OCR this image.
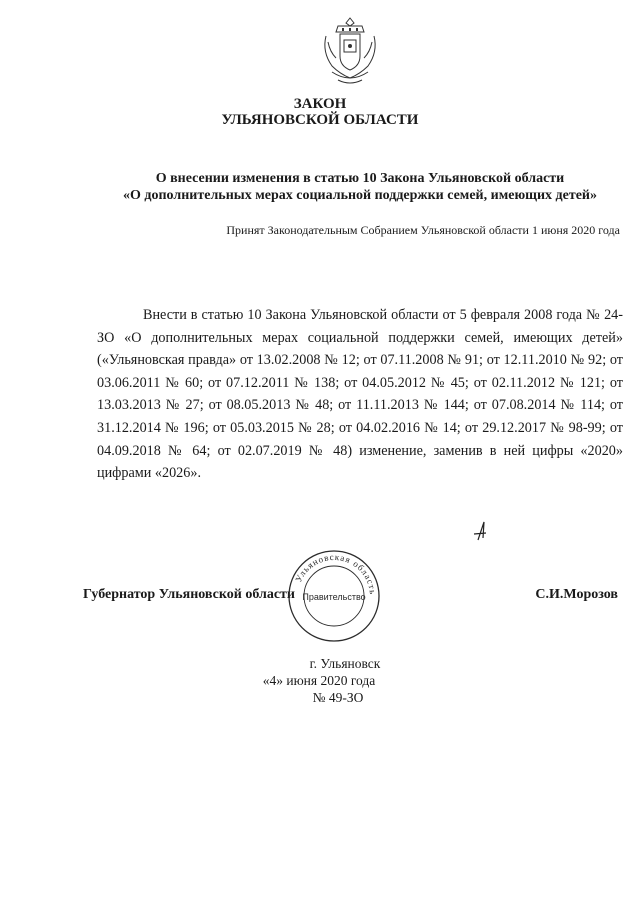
ЗАКОН
УЛЬЯНОВСКОЙ ОБЛАСТИ
О внесении изменения в статью 10 Закона Ульяновской области
«О дополнительных мерах социальной поддержки семей, имеющих детей»
Принят Законодательным Собранием Ульяновской области 1 июня 2020 года
Внести в статью 10 Закона Ульяновской области от 5 февраля 2008 года № 24-ЗО «О дополнительных мерах социальной поддержки семей, имеющих детей» («Ульяновская правда» от 13.02.2008 № 12; от 07.11.2008 № 91; от 12.11.2010 № 92; от 03.06.2011 № 60; от 07.12.2011 № 138; от 04.05.2012 № 45; от 02.11.2012 № 121; от 13.03.2013 № 27; от 08.05.2013 № 48; от 11.11.2013 № 144; от 07.08.2014 № 114; от 31.12.2014 № 196; от 05.03.2015 № 28; от 04.02.2016 № 14; от 29.12.2017 № 98-99; от 04.09.2018 № 64; от 02.07.2019 № 48) изменение, заменив в ней цифры «2020» цифрами «2026».
Губернатор Ульяновской области	С.И.Морозов
Ульяновская область
Правительство
г. Ульяновск
«4» июня 2020 года
№ 49-ЗО
